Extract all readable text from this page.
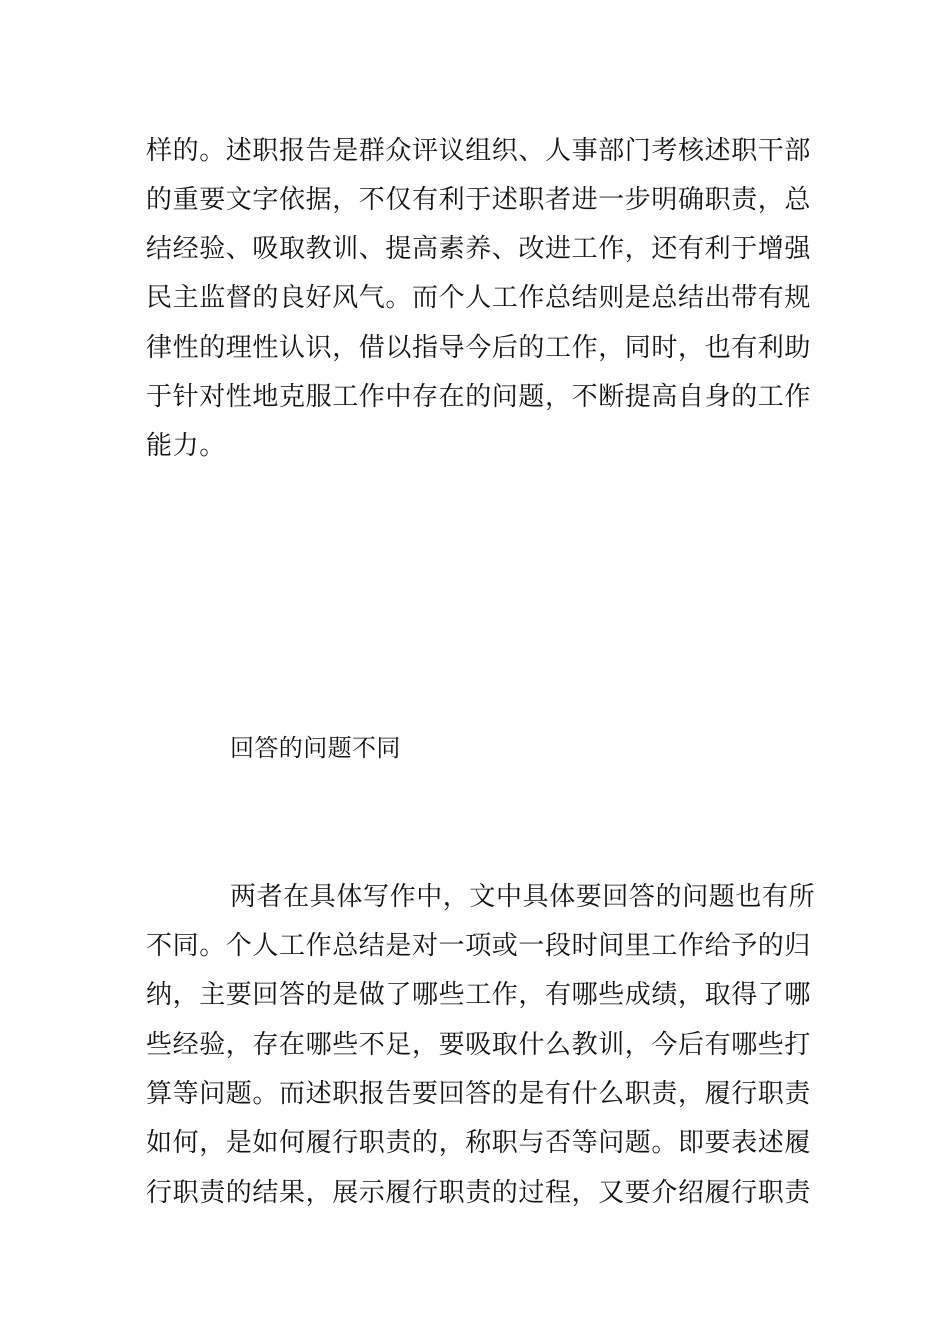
样的。述职报告是群众评议组织、人事部门考核述职干部
的重要文字依据，不仅有利于述职者进一步明确职责，总
结经验、吸取教训、提高素养、改进工作，还有利于增强
民主监督的良好风气。而个人工作总结则是总结出带有规
律性的理性认识，借以指导今后的工作，同时，也有利助
于针对性地克服工作中存在的问题，不断提高自身的工作
能力。
回答的问题不同
两者在具体写作中，文中具体要回答的问题也有所
不同。个人工作总结是对一项或一段时间里工作给予的归
纳，主要回答的是做了哪些工作，有哪些成绩，取得了哪
些经验，存在哪些不足，要吸取什么教训，今后有哪些打
算等问题。而述职报告要回答的是有什么职责，履行职责
如何，是如何履行职责的，称职与否等问题。即要表述履
行职责的结果，展示履行职责的过程，又要介绍履行职责
